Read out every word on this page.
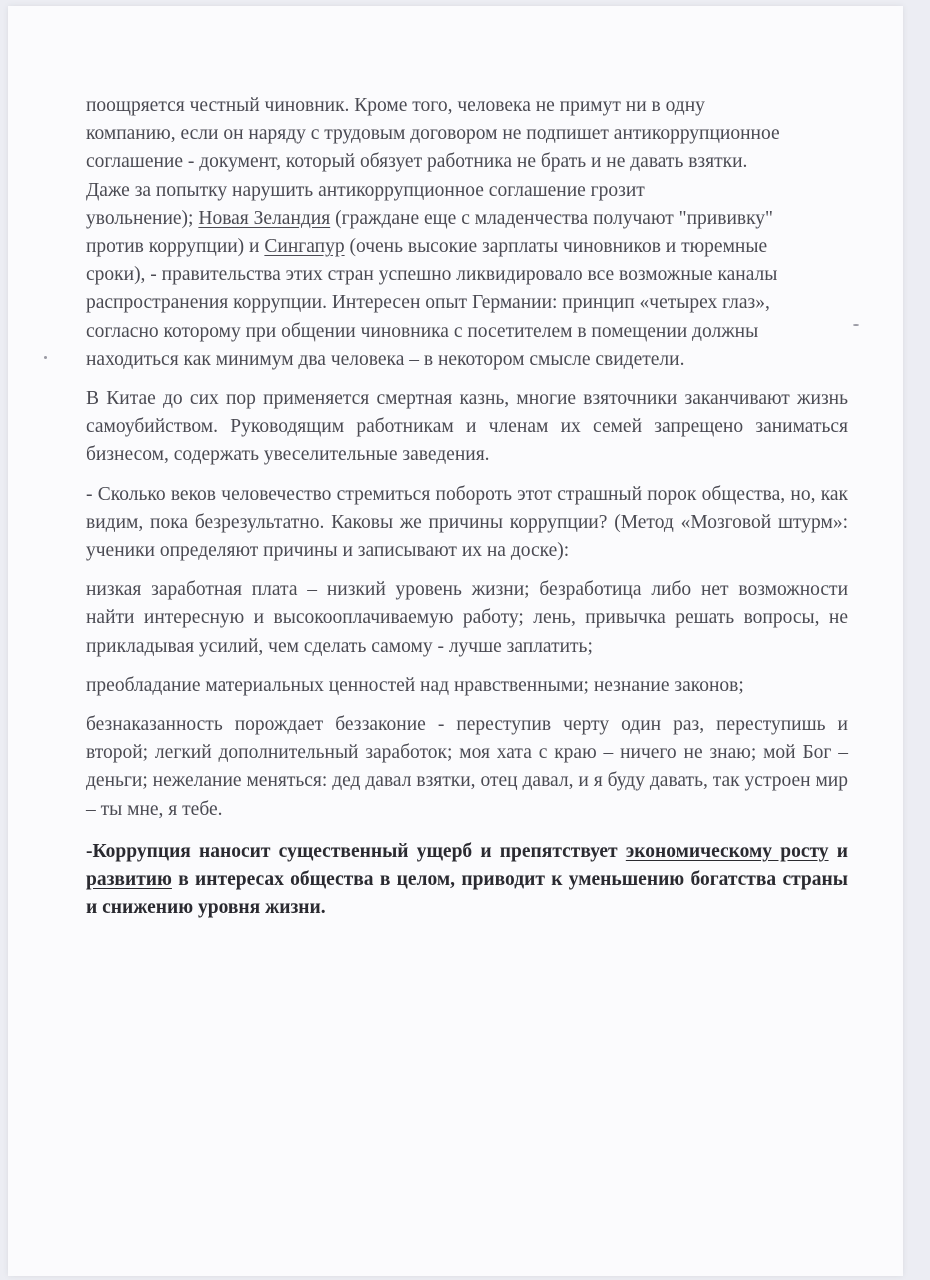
поощряется честный чиновник. Кроме того, человека не примут ни в одну
компанию, если он наряду с трудовым договором не подпишет антикоррупционное
соглашение - документ, который обязует работника не брать и не давать взятки.
Даже за попытку нарушить антикоррупционное соглашение грозит
увольнение); Новая Зеландия (граждане еще с младенчества получают "прививку"
против коррупции) и Сингапур (очень высокие зарплаты чиновников и тюремные
сроки), - правительства этих стран успешно ликвидировало все возможные каналы
распространения коррупции. Интересен опыт Германии: принцип «четырех глаз»,
согласно которому при общении чиновника с посетителем в помещении должны
находиться как минимум два человека – в некотором смысле свидетели.

В Китае до сих пор применяется смертная казнь, многие взяточники заканчивают жизнь самоубийством. Руководящим работникам и членам их семей запрещено заниматься бизнесом, содержать увеселительные заведения.

- Сколько веков человечество стремиться побороть этот страшный порок общества, но, как видим, пока безрезультатно. Каковы же причины коррупции? (Метод «Мозговой штурм»: ученики определяют причины и записывают их на доске):

низкая заработная плата – низкий уровень жизни; безработица либо нет возможности найти интересную и высокооплачиваемую работу; лень, привычка решать вопросы, не прикладывая усилий, чем сделать самому - лучше заплатить;

преобладание материальных ценностей над нравственными; незнание законов;

безнаказанность порождает беззаконие - переступив черту один раз, переступишь и второй; легкий дополнительный заработок; моя хата с краю – ничего не знаю; мой Бог – деньги; нежелание меняться: дед давал взятки, отец давал, и я буду давать, так устроен мир – ты мне, я тебе.

-Коррупция наносит существенный ущерб и препятствует экономическому росту и развитию в интересах общества в целом, приводит к уменьшению богатства страны и снижению уровня жизни.
